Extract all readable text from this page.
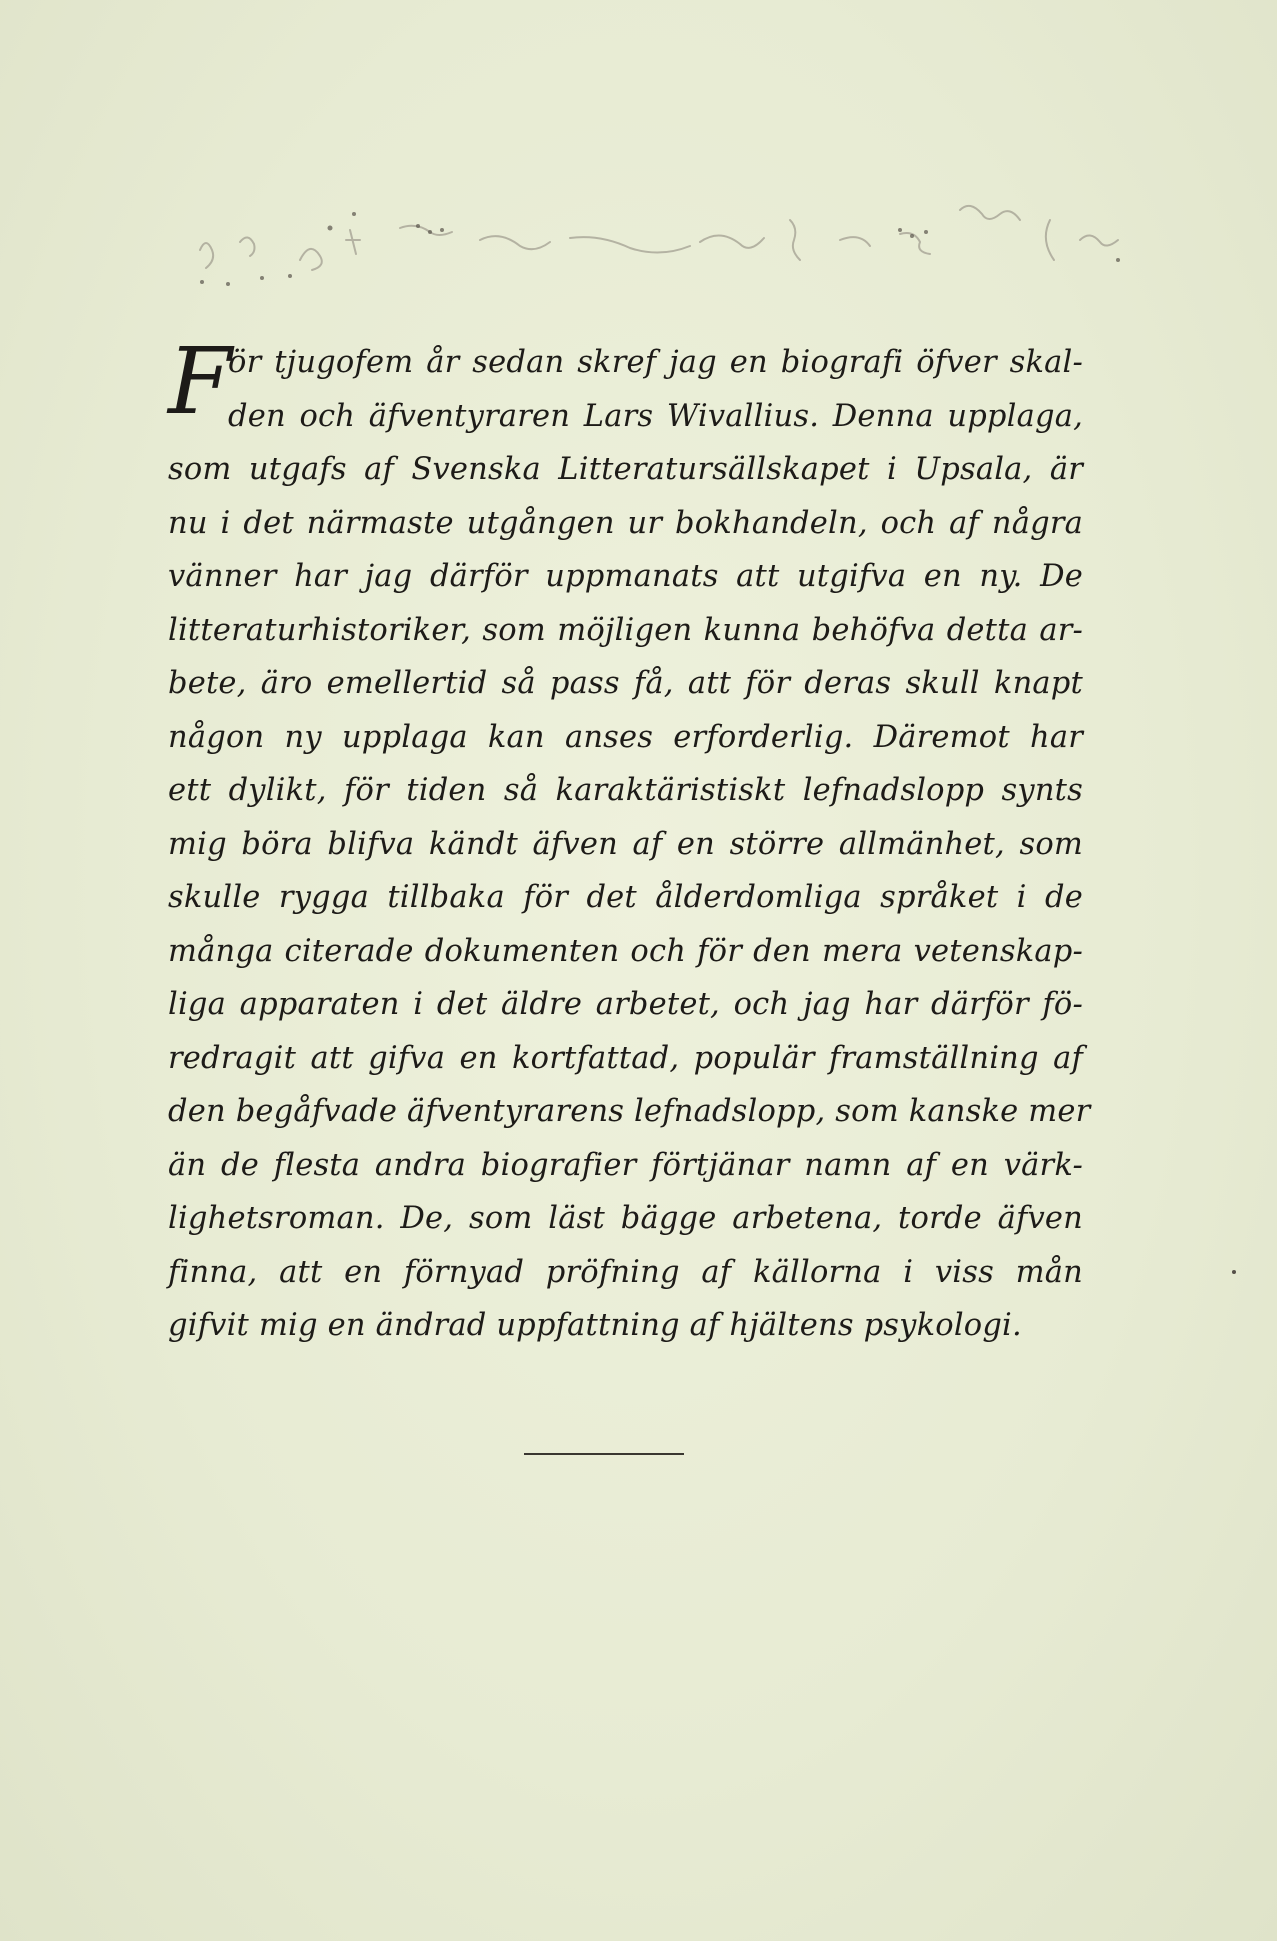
F
ör tjugofem år sedan skref jag en biografi öfver skal-
den och äfventyraren Lars Wivallius. Denna upplaga,
som utgafs af Svenska Litteratursällskapet i Upsala, är
nu i det närmaste utgången ur bokhandeln, och af några
vänner har jag därför uppmanats att utgifva en ny. De
litteraturhistoriker, som möjligen kunna behöfva detta ar-
bete, äro emellertid så pass få, att för deras skull knapt
någon ny upplaga kan anses erforderlig. Däremot har
ett dylikt, för tiden så karaktäristiskt lefnadslopp synts
mig böra blifva kändt äfven af en större allmänhet, som
skulle rygga tillbaka för det ålderdomliga språket i de
många citerade dokumenten och för den mera vetenskap-
liga apparaten i det äldre arbetet, och jag har därför fö-
redragit att gifva en kortfattad, populär framställning af
den begåfvade äfventyrarens lefnadslopp, som kanske mer
än de flesta andra biografier förtjänar namn af en värk-
lighetsroman. De, som läst bägge arbetena, torde äfven
finna, att en förnyad pröfning af källorna i viss mån
gifvit mig en ändrad uppfattning af hjältens psykologi.
